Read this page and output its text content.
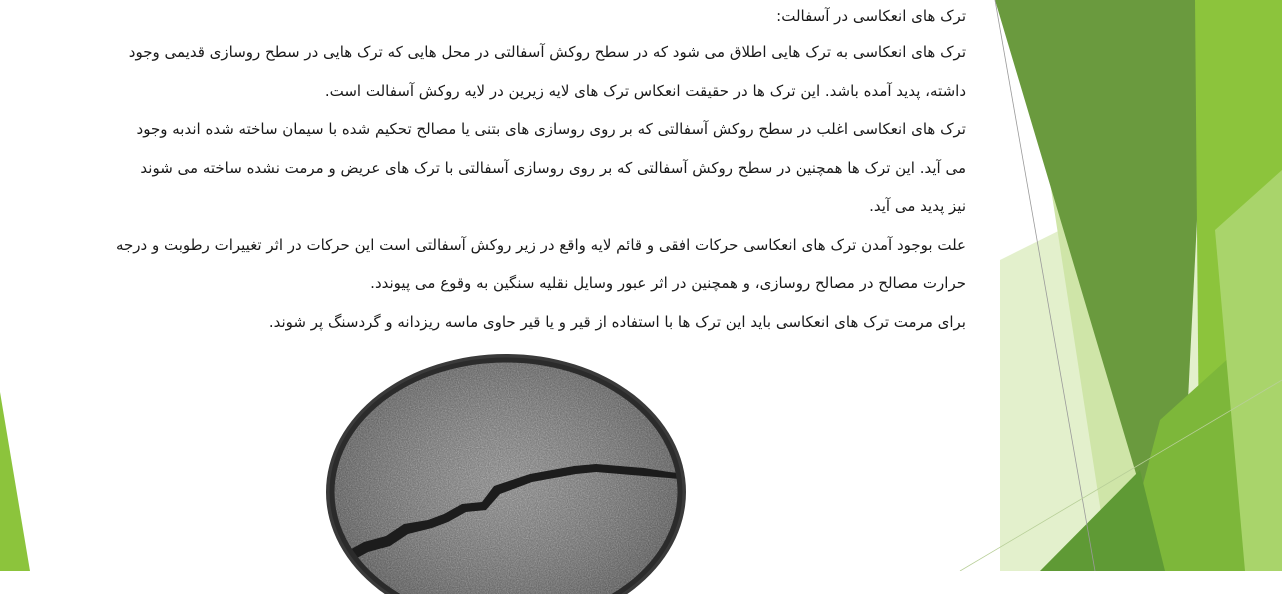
ترک های انعکاسی در آسفالت:
ترک های انعکاسی به ترک هایی اطلاق می شود که در سطح روکش آسفالتی در محل هایی که ترک هایی در سطح روسازی قدیمی وجود
داشته، پدید آمده باشد. این ترک ها در حقیقت انعکاس ترک های لایه زیرین در لایه روکش آسفالت است.
ترک های انعکاسی اغلب در سطح روکش آسفالتی که بر روی روسازی های بتنی یا مصالح تحکیم شده با سیمان ساخته شده اندبه وجود
می آید. این ترک ها همچنین در سطح روکش آسفالتی که بر روی روسازی آسفالتی با ترک های عریض و مرمت نشده ساخته می شوند
نیز پدید می آید.
علت بوجود آمدن ترک های انعکاسی حرکات افقی و قائم لایه واقع در زیر روکش آسفالتی است این حرکات در اثر تغییرات رطوبت و درجه
حرارت مصالح در مصالح روسازی، و همچنین در اثر عبور وسایل نقلیه سنگین به وقوع می پیوندد.
برای مرمت ترک های انعکاسی باید این ترک ها با استفاده از قیر و یا قیر حاوی ماسه ریزدانه و گردسنگ پر شوند.
